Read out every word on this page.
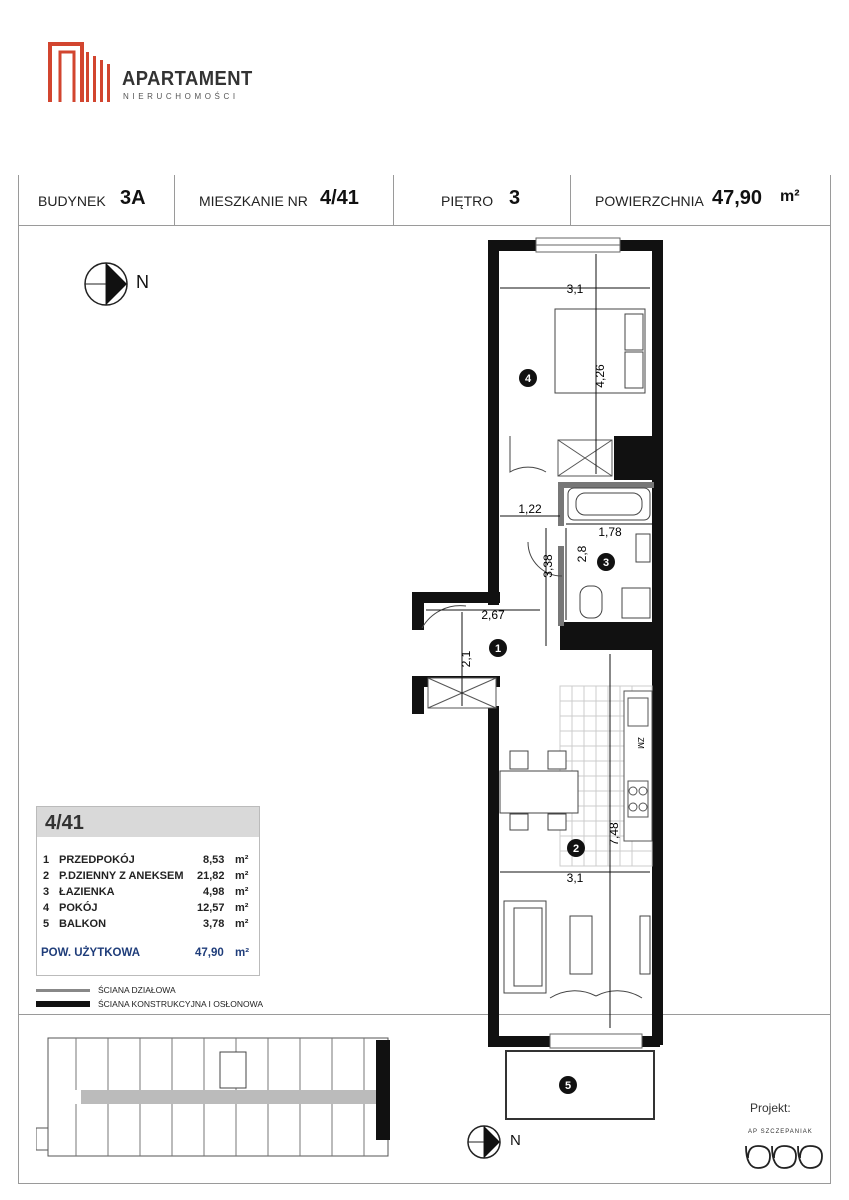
APARTAMENT
NIERUCHOMOŚCI
BUDYNEK 3A	MIESZKANIE NR 4/41	PIĘTRO 3	POWIERZCHNIA 47,90 m²
N
ZM
3,1
4,26
1,22
1,78
2,8
3,38
2,67
2,1
7,48
3,1
1
2
3
4
5
4/41
1 PRZEDPOKÓJ	8,53 m²
2 P.DZIENNY Z ANEKSEM 21,82 m²
3 ŁAZIENKA	4,98 m²
4 POKÓJ	12,57 m²
5 BALKON	3,78 m²
POW. UŻYTKOWA	47,90 m²
ŚCIANA DZIAŁOWA
ŚCIANA KONSTRUKCYJNA I OSŁONOWA
N
Projekt:
AP SZCZEPANIAK
